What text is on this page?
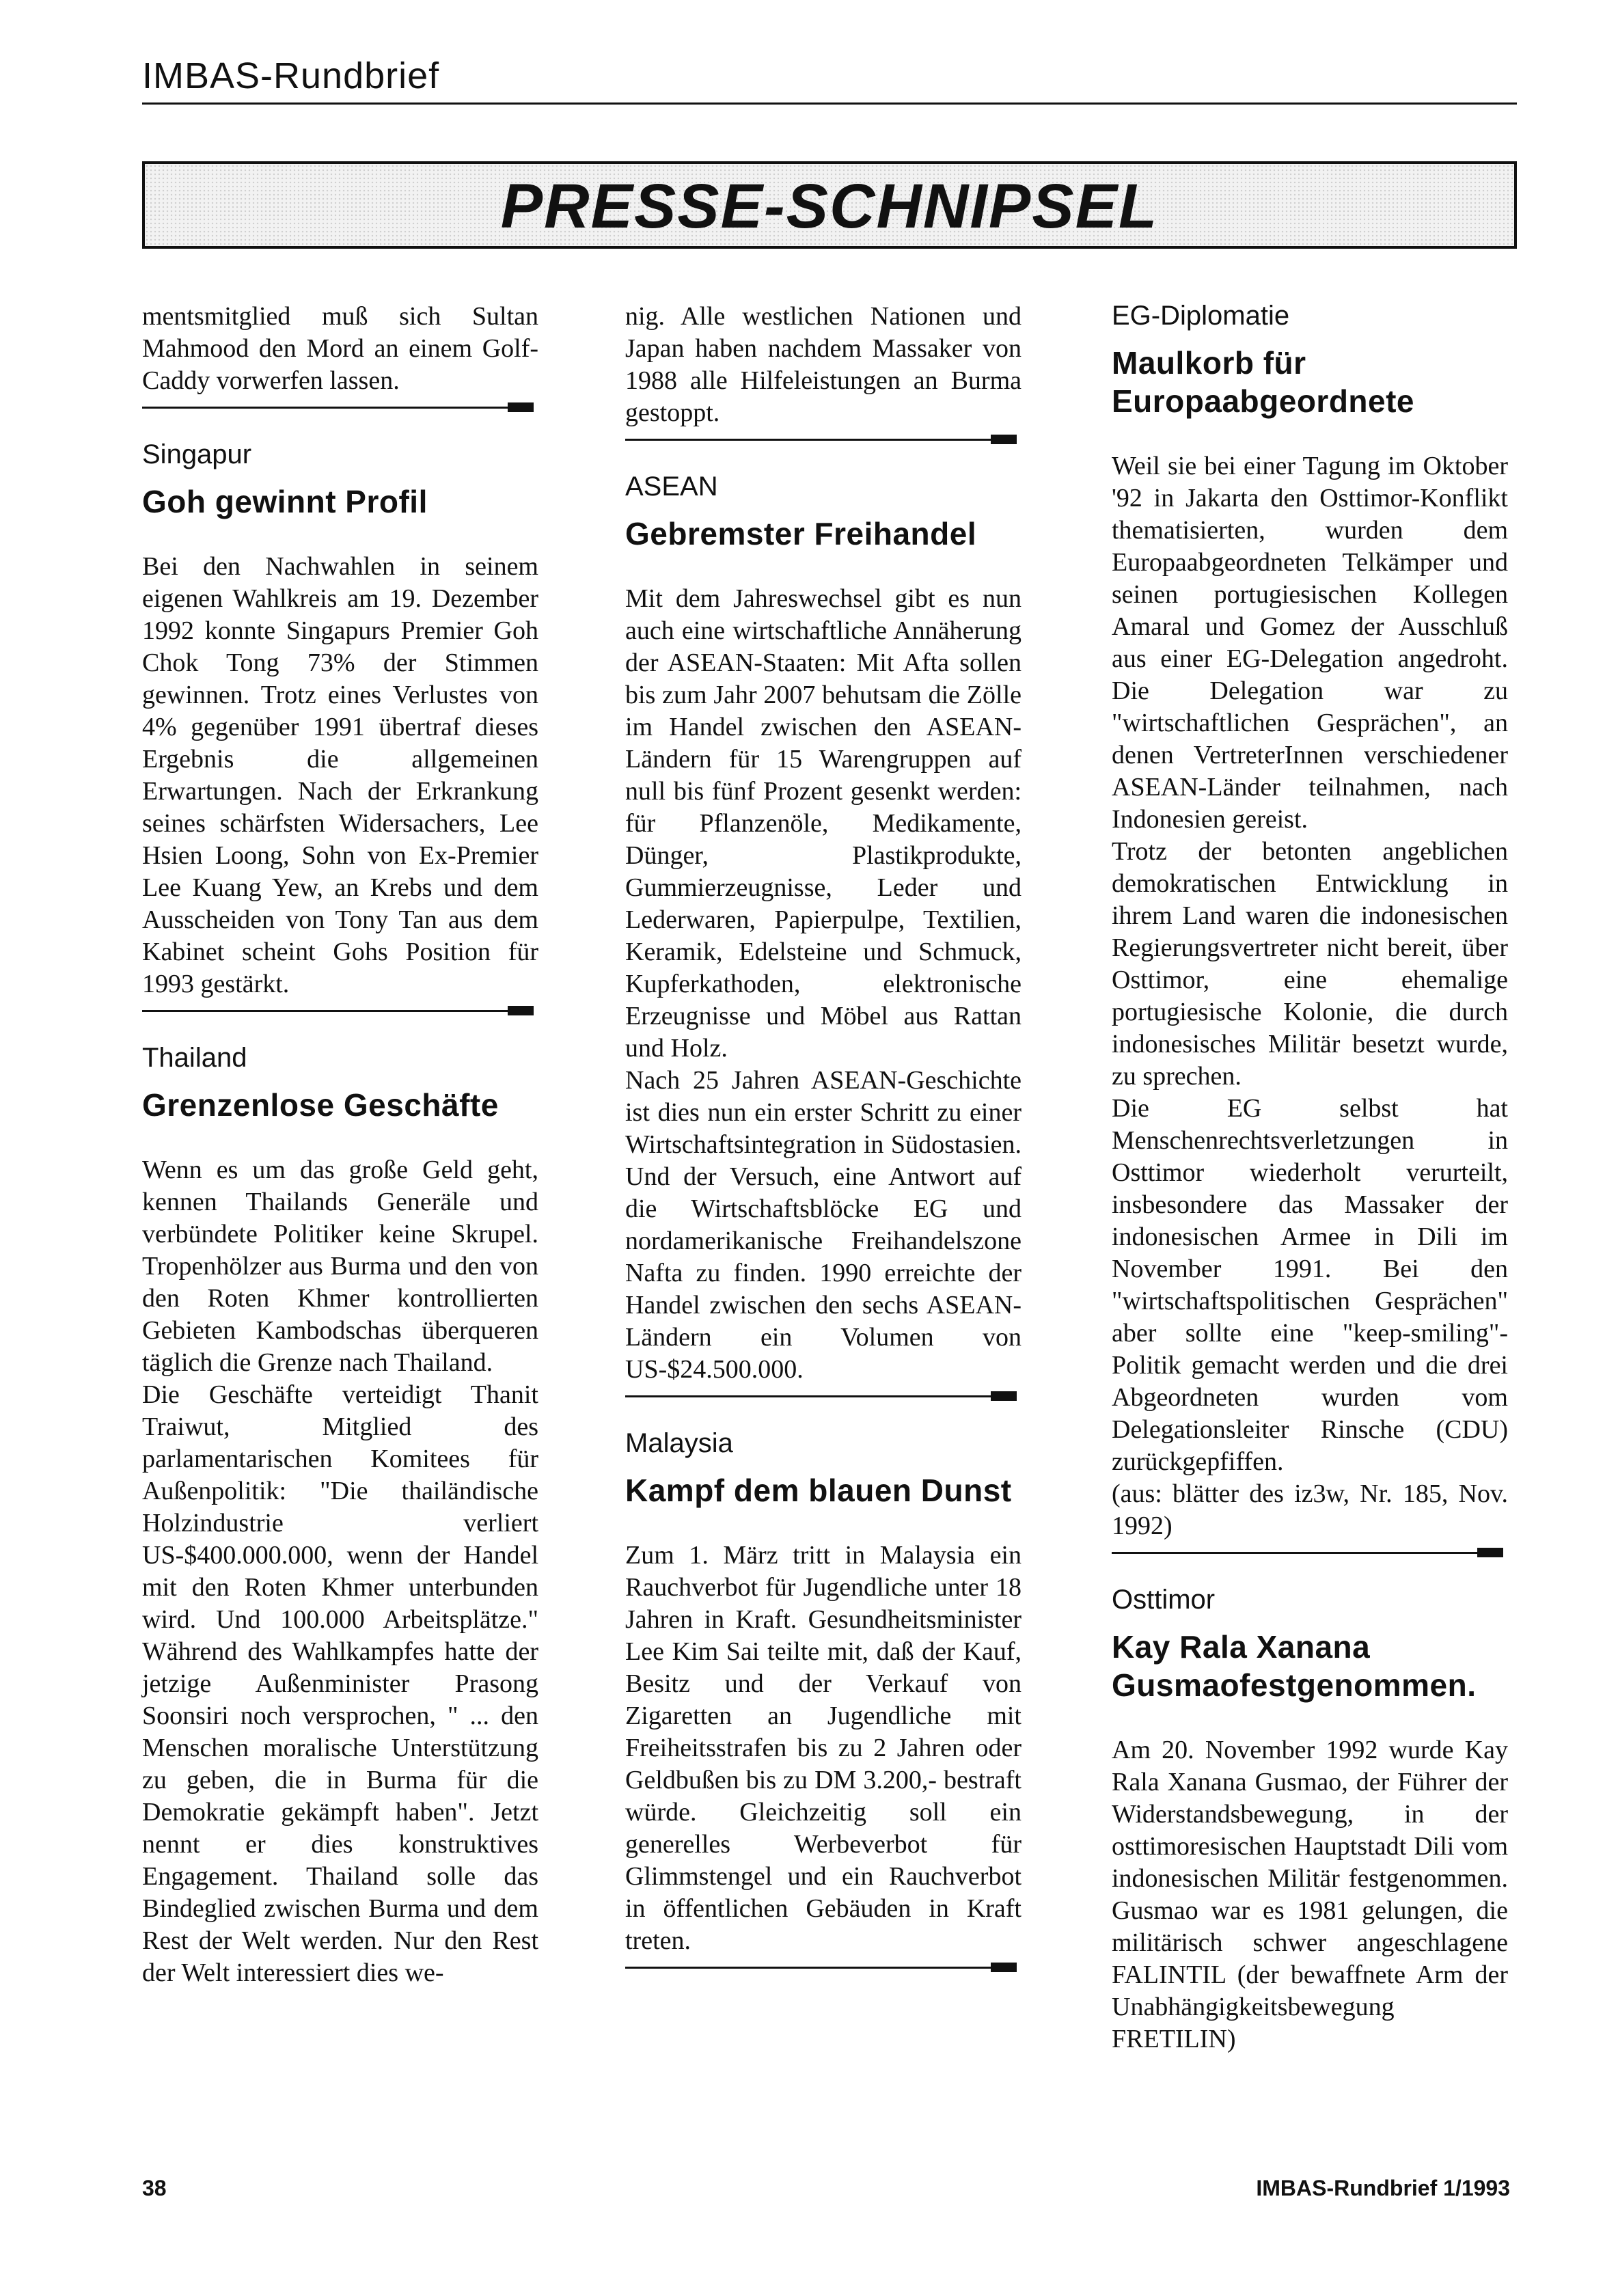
IMBAS-Rundbrief
PRESSE-SCHNIPSEL
mentsmitglied muß sich Sultan Mahmood den Mord an einem Golf-Caddy vorwerfen lassen.
Singapur
Goh gewinnt Profil
Bei den Nachwahlen in seinem eigenen Wahlkreis am 19. Dezember 1992 konnte Singapurs Premier Goh Chok Tong 73% der Stimmen gewinnen. Trotz eines Verlustes von 4% gegenüber 1991 übertraf dieses Ergebnis die allgemeinen Erwartungen. Nach der Erkrankung seines schärfsten Widersachers, Lee Hsien Loong, Sohn von Ex-Premier Lee Kuang Yew, an Krebs und dem Ausscheiden von Tony Tan aus dem Kabinet scheint Gohs Position für 1993 gestärkt.
Thailand
Grenzenlose Geschäfte

Wenn es um das große Geld geht, kennen Thailands Generäle und verbündete Politiker keine Skrupel. Tropenhölzer aus Burma und den von den Roten Khmer kontrollierten Gebieten Kambodschas überqueren täglich die Grenze nach Thailand.

Die Geschäfte verteidigt Thanit Traiwut, Mitglied des parlamentarischen Komitees für Außenpolitik: "Die thailändische Holzindustrie verliert US-$400.000.000, wenn der Handel mit den Roten Khmer unterbunden wird. Und 100.000 Arbeitsplätze." Während des Wahlkampfes hatte der jetzige Außenminister Prasong Soonsiri noch versprochen, " ... den Menschen moralische Unterstützung zu geben, die in Burma für die Demokratie gekämpft haben". Jetzt nennt er dies konstruktives Engagement. Thailand solle das Bindeglied zwischen Burma und dem Rest der Welt werden. Nur den Rest der Welt interessiert dies we-

nig. Alle westlichen Nationen und Japan haben nachdem Massaker von 1988 alle Hilfeleistungen an Burma gestoppt.
ASEAN
Gebremster Freihandel

Mit dem Jahreswechsel gibt es nun auch eine wirtschaftliche Annäherung der ASEAN-Staaten: Mit Afta sollen bis zum Jahr 2007 behutsam die Zölle im Handel zwischen den ASEAN-Ländern für 15 Warengruppen auf null bis fünf Prozent gesenkt werden: für Pflanzenöle, Medikamente, Dünger, Plastikprodukte, Gummierzeugnisse, Leder und Lederwaren, Papierpulpe, Textilien, Keramik, Edelsteine und Schmuck, Kupferkathoden, elektronische Erzeugnisse und Möbel aus Rattan und Holz.

Nach 25 Jahren ASEAN-Geschichte ist dies nun ein erster Schritt zu einer Wirtschaftsintegration in Südostasien. Und der Versuch, eine Antwort auf die Wirtschaftsblöcke EG und nordamerikanische Freihandelszone Nafta zu finden. 1990 erreichte der Handel zwischen den sechs ASEAN-Ländern ein Volumen von US-$24.500.000.

Malaysia
Kampf dem blauen Dunst
Zum 1. März tritt in Malaysia ein Rauchverbot für Jugendliche unter 18 Jahren in Kraft. Gesundheitsminister Lee Kim Sai teilte mit, daß der Kauf, Besitz und der Verkauf von Zigaretten an Jugendliche mit Freiheitsstrafen bis zu 2 Jahren oder Geldbußen bis zu DM 3.200,- bestraft würde. Gleichzeitig soll ein generelles Werbeverbot für Glimmstengel und ein Rauchverbot in öffentlichen Gebäuden in Kraft treten.
EG-Diplomatie
Maulkorb für Europaabgeordnete

Weil sie bei einer Tagung im Oktober '92 in Jakarta den Osttimor-Konflikt thematisierten, wurden dem Europaabgeordneten Telkämper und seinen portugiesischen Kollegen Amaral und Gomez der Ausschluß aus einer EG-Delegation angedroht. Die Delegation war zu "wirtschaftlichen Gesprächen", an denen VertreterInnen verschiedener ASEAN-Länder teilnahmen, nach Indonesien gereist.

Trotz der betonten angeblichen demokratischen Entwicklung in ihrem Land waren die indonesischen Regierungsvertreter nicht bereit, über Osttimor, eine ehemalige portugiesische Kolonie, die durch indonesisches Militär besetzt wurde, zu sprechen.

Die EG selbst hat Menschenrechtsverletzungen in Osttimor wiederholt verurteilt, insbesondere das Massaker der indonesischen Armee in Dili im November 1991. Bei den "wirtschaftspolitischen Gesprächen" aber sollte eine "keep-smiling"-Politik gemacht werden und die drei Abgeordneten wurden vom Delegationsleiter Rinsche (CDU) zurückgepfiffen.

(aus: blätter des iz3w, Nr. 185, Nov. 1992)

Osttimor
Kay Rala Xanana Gusmaofestgenommen.
Am 20. November 1992 wurde Kay Rala Xanana Gusmao, der Führer der Widerstandsbewegung, in der osttimoresischen Hauptstadt Dili vom indonesischen Militär festgenommen. Gusmao war es 1981 gelungen, die militärisch schwer angeschlagene FALINTIL (der bewaffnete Arm der Unabhängigkeitsbewegung FRETILIN)
38	IMBAS-Rundbrief 1/1993
